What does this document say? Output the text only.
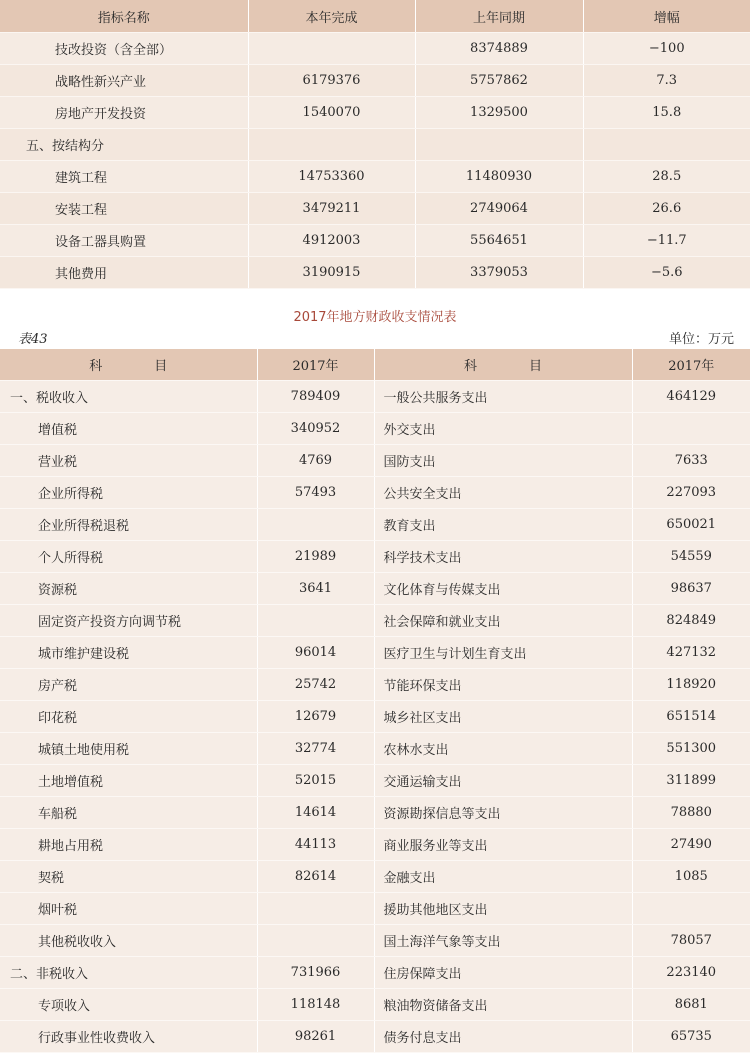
指标名称	本年完成	上年同期	增幅
技改投资（含全部）		8374889	−100
战略性新兴产业	6179376	5757862	7.3
房地产开发投资	1540070	1329500	15.8
五、按结构分			
建筑工程	14753360	11480930	28.5
安装工程	3479211	2749064	26.6
设备工器具购置	4912003	5564651	−11.7
其他费用	3190915	3379053	−5.6
2017年地方财政收支情况表
表43	单位：万元
科　　　　目	2017年	科　　　　目	2017年
一、税收收入	789409	一般公共服务支出	464129
增值税	340952	外交支出	
营业税	4769	国防支出	7633
企业所得税	57493	公共安全支出	227093
企业所得税退税		教育支出	650021
个人所得税	21989	科学技术支出	54559
资源税	3641	文化体育与传媒支出	98637
固定资产投资方向调节税		社会保障和就业支出	824849
城市维护建设税	96014	医疗卫生与计划生育支出	427132
房产税	25742	节能环保支出	118920
印花税	12679	城乡社区支出	651514
城镇土地使用税	32774	农林水支出	551300
土地增值税	52015	交通运输支出	311899
车船税	14614	资源勘探信息等支出	78880
耕地占用税	44113	商业服务业等支出	27490
契税	82614	金融支出	1085
烟叶税		援助其他地区支出	
其他税收收入		国土海洋气象等支出	78057
二、非税收入	731966	住房保障支出	223140
专项收入	118148	粮油物资储备支出	8681
行政事业性收费收入	98261	债务付息支出	65735
